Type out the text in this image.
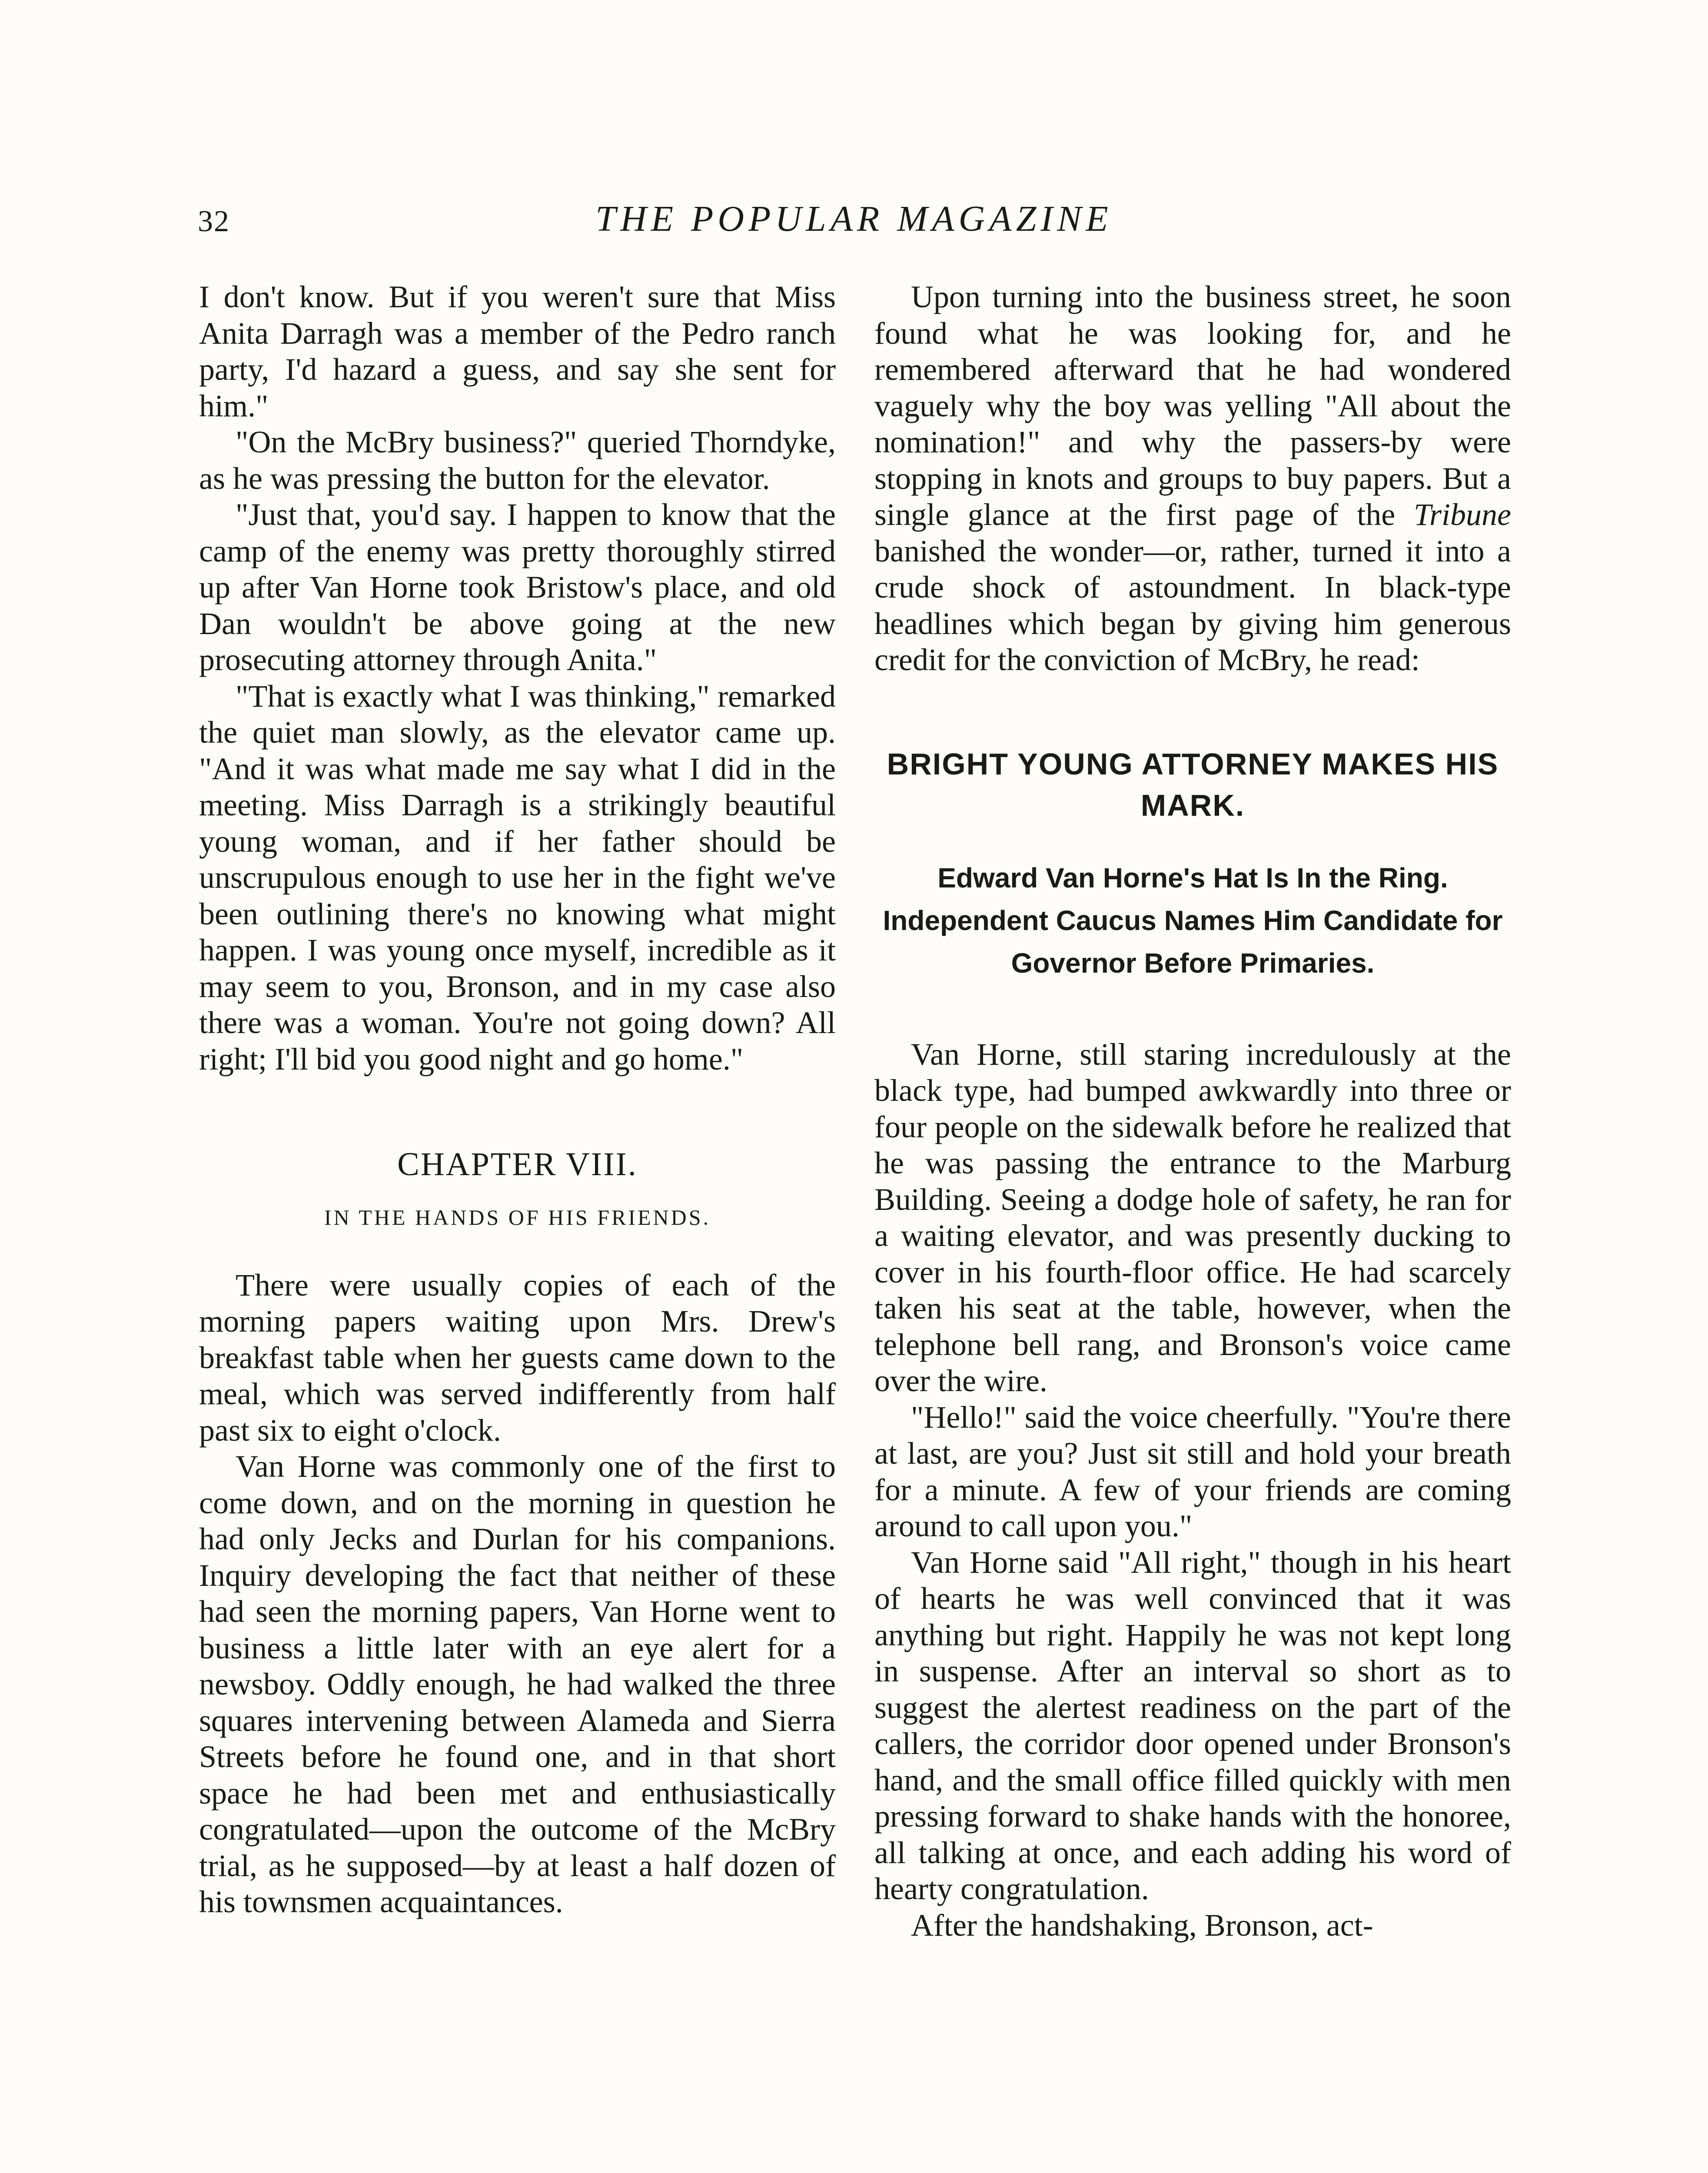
32	THE POPULAR MAGAZINE

I don't know. But if you weren't sure that Miss Anita Darragh was a member of the Pedro ranch party, I'd hazard a guess, and say she sent for him."

"On the McBry business?" queried Thorndyke, as he was pressing the button for the elevator.

"Just that, you'd say. I happen to know that the camp of the enemy was pretty thoroughly stirred up after Van Horne took Bristow's place, and old Dan wouldn't be above going at the new prosecuting attorney through Anita."

"That is exactly what I was thinking," remarked the quiet man slowly, as the elevator came up. "And it was what made me say what I did in the meeting. Miss Darragh is a strikingly beautiful young woman, and if her father should be unscrupulous enough to use her in the fight we've been outlining there's no knowing what might happen. I was young once myself, incredible as it may seem to you, Bronson, and in my case also there was a woman. You're not going down? All right; I'll bid you good night and go home."

CHAPTER VIII.
IN THE HANDS OF HIS FRIENDS.

There were usually copies of each of the morning papers waiting upon Mrs. Drew's breakfast table when her guests came down to the meal, which was served indifferently from half past six to eight o'clock.

Van Horne was commonly one of the first to come down, and on the morning in question he had only Jecks and Durlan for his companions. Inquiry developing the fact that neither of these had seen the morning papers, Van Horne went to business a little later with an eye alert for a newsboy. Oddly enough, he had walked the three squares intervening between Alameda and Sierra Streets before he found one, and in that short space he had been met and enthusiastically congratulated—upon the outcome of the McBry trial, as he supposed—by at least a half dozen of his townsmen acquaintances.

Upon turning into the business street, he soon found what he was looking for, and he remembered afterward that he had wondered vaguely why the boy was yelling "All about the nomination!" and why the passers-by were stopping in knots and groups to buy papers. But a single glance at the first page of the Tribune banished the wonder—or, rather, turned it into a crude shock of astoundment. In black-type headlines which began by giving him generous credit for the conviction of McBry, he read:

BRIGHT YOUNG ATTORNEY MAKES HIS MARK.
Edward Van Horne's Hat Is In the Ring. Independent Caucus Names Him Candidate for Governor Before Primaries.

Van Horne, still staring incredulously at the black type, had bumped awkwardly into three or four people on the sidewalk before he realized that he was passing the entrance to the Marburg Building. Seeing a dodge hole of safety, he ran for a waiting elevator, and was presently ducking to cover in his fourth-floor office. He had scarcely taken his seat at the table, however, when the telephone bell rang, and Bronson's voice came over the wire.

"Hello!" said the voice cheerfully. "You're there at last, are you? Just sit still and hold your breath for a minute. A few of your friends are coming around to call upon you."

Van Horne said "All right," though in his heart of hearts he was well convinced that it was anything but right. Happily he was not kept long in suspense. After an interval so short as to suggest the alertest readiness on the part of the callers, the corridor door opened under Bronson's hand, and the small office filled quickly with men pressing forward to shake hands with the honoree, all talking at once, and each adding his word of hearty congratulation.

After the handshaking, Bronson, act-
